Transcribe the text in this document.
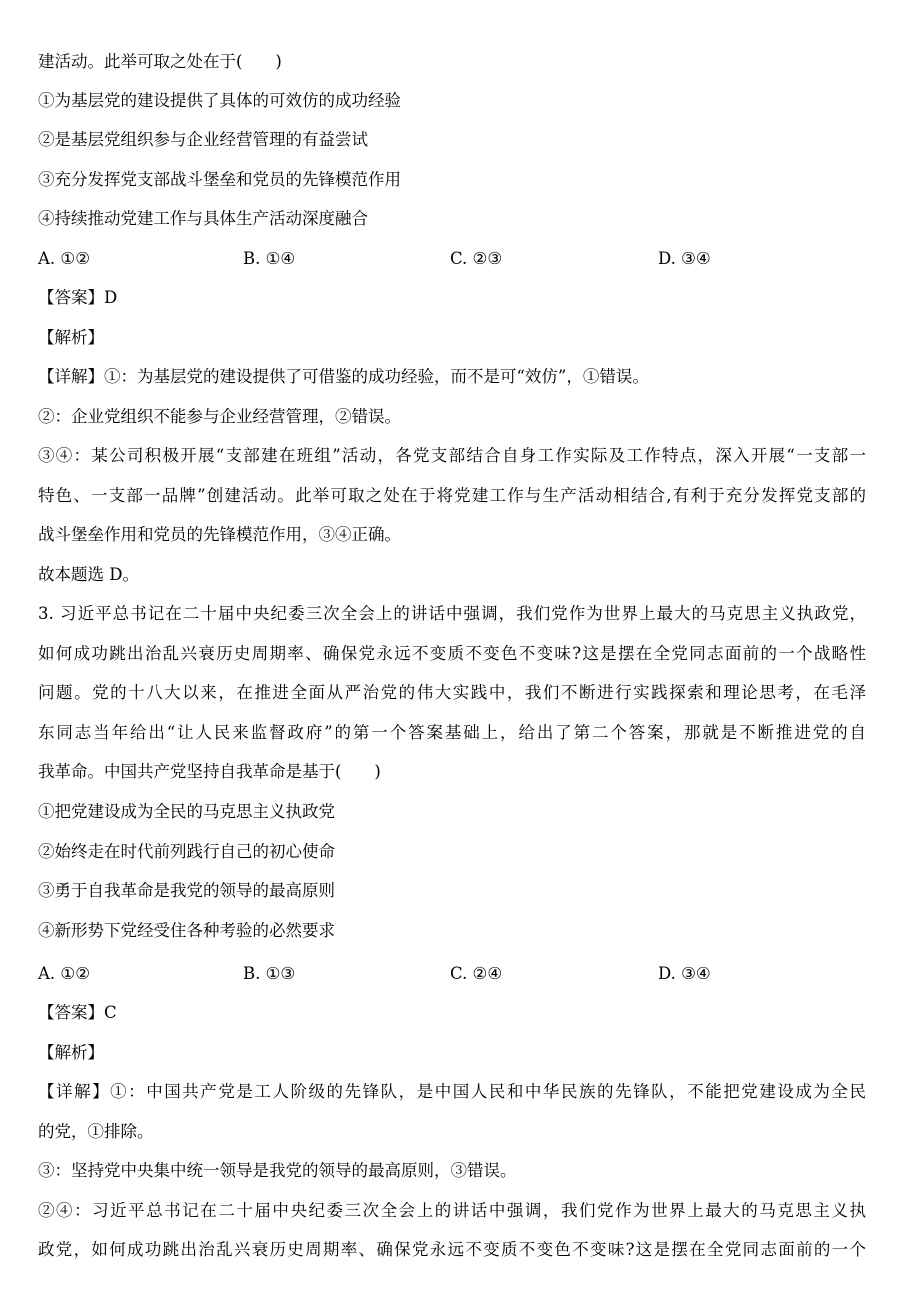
建活动。此举可取之处在于(　　)
①为基层党的建设提供了具体的可效仿的成功经验
②是基层党组织参与企业经营管理的有益尝试
③充分发挥党支部战斗堡垒和党员的先锋模范作用
④持续推动党建工作与具体生产活动深度融合
A. ①②	B. ①④	C. ②③	D. ③④
【答案】D
【解析】
【详解】①：为基层党的建设提供了可借鉴的成功经验，而不是可“效仿”，①错误。
②：企业党组织不能参与企业经营管理，②错误。
③④：某公司积极开展“支部建在班组”活动，各党支部结合自身工作实际及工作特点，深入开展“一支部一
特色、一支部一品牌”创建活动。此举可取之处在于将党建工作与生产活动相结合,有利于充分发挥党支部的
战斗堡垒作用和党员的先锋模范作用，③④正确。
故本题选 D。
3. 习近平总书记在二十届中央纪委三次全会上的讲话中强调，我们党作为世界上最大的马克思主义执政党，
如何成功跳出治乱兴衰历史周期率、确保党永远不变质不变色不变味?这是摆在全党同志面前的一个战略性
问题。党的十八大以来，在推进全面从严治党的伟大实践中，我们不断进行实践探索和理论思考，在毛泽
东同志当年给出“让人民来监督政府”的第一个答案基础上，给出了第二个答案，那就是不断推进党的自
我革命。中国共产党坚持自我革命是基于(　　)
①把党建设成为全民的马克思主义执政党
②始终走在时代前列践行自己的初心使命
③勇于自我革命是我党的领导的最高原则
④新形势下党经受住各种考验的必然要求
A. ①②	B. ①③	C. ②④	D. ③④
【答案】C
【解析】
【详解】①：中国共产党是工人阶级的先锋队，是中国人民和中华民族的先锋队，不能把党建设成为全民
的党，①排除。
③：坚持党中央集中统一领导是我党的领导的最高原则，③错误。
②④：习近平总书记在二十届中央纪委三次全会上的讲话中强调，我们党作为世界上最大的马克思主义执
政党，如何成功跳出治乱兴衰历史周期率、确保党永远不变质不变色不变味?这是摆在全党同志面前的一个
